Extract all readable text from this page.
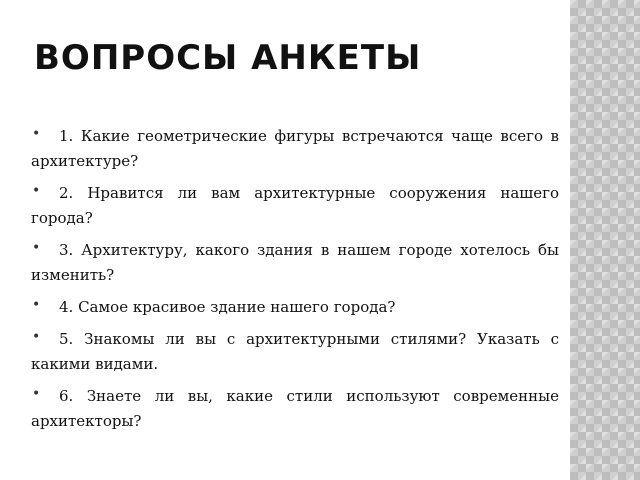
ВОПРОСЫ АНКЕТЫ
• 1. Какие геометрические фигуры встречаются чаще всего в архитектуре?
• 2. Нравится ли вам архитектурные сооружения нашего города?
• 3. Архитектуру, какого здания в нашем городе хотелось бы изменить?
• 4. Самое красивое здание нашего города?
• 5. Знакомы ли вы с архитектурными стилями? Указать с какими видами.
• 6. Знаете ли вы, какие стили используют современные архитекторы?
